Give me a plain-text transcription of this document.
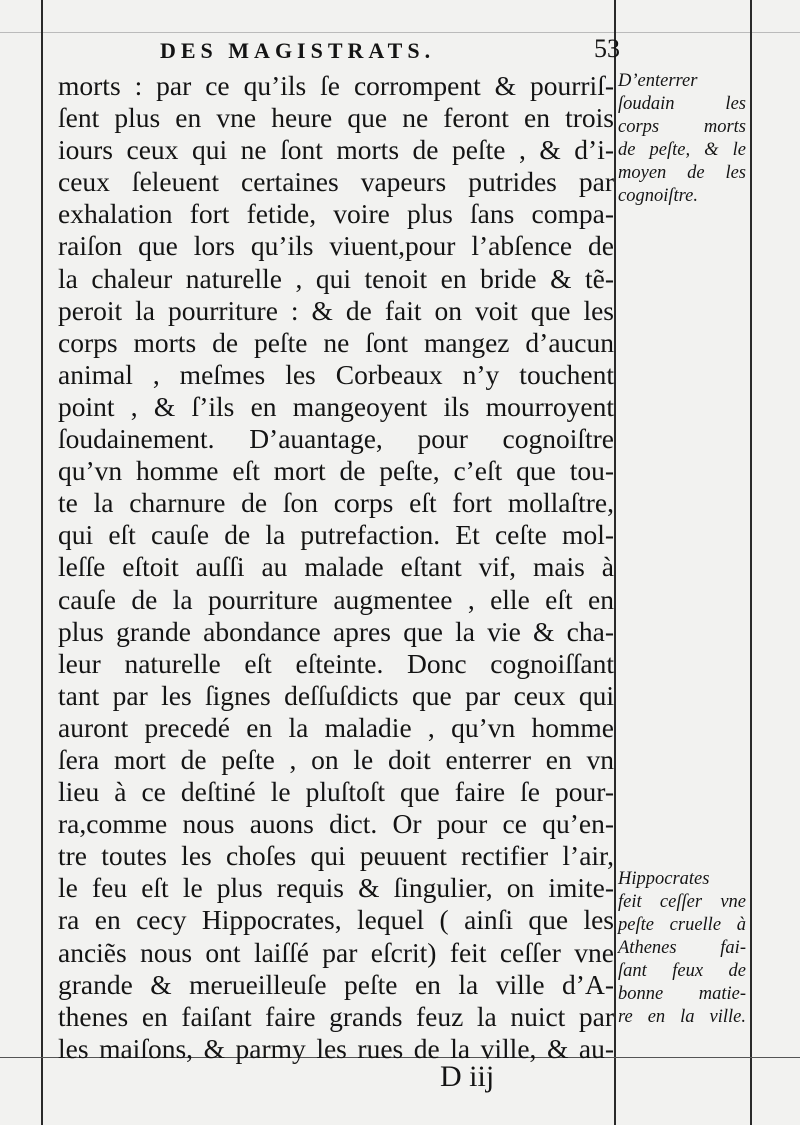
DES MAGISTRATS.	53
morts : par ce qu’ils ſe corrompent & pourriſ-
ſent plus en vne heure que ne feront en trois
iours ceux qui ne ſont morts de peſte , & d’i-
ceux ſeleuent certaines vapeurs putrides par
exhalation fort fetide, voire plus ſans compa-
raiſon que lors qu’ils viuent,pour l’abſence de
la chaleur naturelle , qui tenoit en bride & tẽ-
peroit la pourriture : & de fait on voit que les
corps morts de peſte ne ſont mangez d’aucun
animal , meſmes les Corbeaux n’y touchent
point , & ſ’ils en mangeoyent ils mourroyent
ſoudainement. D’auantage, pour cognoiſtre
qu’vn homme eſt mort de peſte, c’eſt que tou-
te la charnure de ſon corps eſt fort mollaſtre,
qui eſt cauſe de la putrefaction. Et ceſte mol-
leſſe eſtoit auſſi au malade eſtant vif, mais à
cauſe de la pourriture augmentee , elle eſt en
plus grande abondance apres que la vie & cha-
leur naturelle eſt eſteinte. Donc cognoiſſant
tant par les ſignes deſſuſdicts que par ceux qui
auront precedé en la maladie , qu’vn homme
ſera mort de peſte , on le doit enterrer en vn
lieu à ce deſtiné le pluſtoſt que faire ſe pour-
ra,comme nous auons dict. Or pour ce qu’en-
tre toutes les choſes qui peuuent rectifier l’air,
le feu eſt le plus requis & ſingulier, on imite-
ra en cecy Hippocrates, lequel ( ainſi que les
anciẽs nous ont laiſſé par eſcrit) feit ceſſer vne
grande & merueilleuſe peſte en la ville d’A-
thenes en faiſant faire grands feuz la nuict par
les maiſons, & parmy les rues de la ville, & au-
D’enterrer
ſoudain les
corps morts
de peſte, & le
moyen de les
cognoiſtre.
Hippocrates
feit ceſſer vne
peſte cruelle à
Athenes fai-
ſant feux de
bonne matie-
re en la ville.
D iij
